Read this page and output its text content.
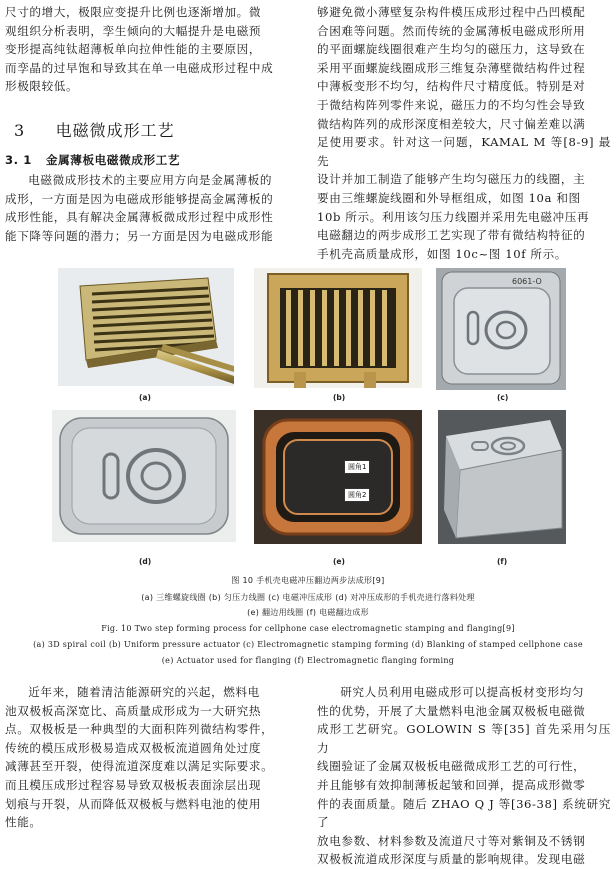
尺寸的增大，极限应变提升比例也逐渐增加。微

观组织分析表明，孪生倾向的大幅提升是电磁预

变形提高纯钛超薄板单向拉伸性能的主要原因，

而孪晶的过早饱和导致其在单一电磁成形过程中成

形极限较低。

3 电磁微成形工艺
3. 1 金属薄板电磁微成形工艺

电磁微成形技术的主要应用方向是金属薄板的

成形，一方面是因为电磁成形能够提高金属薄板的

成形性能，具有解决金属薄板微成形过程中成形性

能下降等问题的潜力；另一方面是因为电磁成形能

够避免微小薄壁复杂构件模压成形过程中凸凹模配

合困难等问题。然而传统的金属薄板电磁成形所用

的平面螺旋线圈很难产生均匀的磁压力，这导致在

采用平面螺旋线圈成形三维复杂薄壁微结构件过程

中薄板变形不均匀，结构件尺寸精度低。特别是对

于微结构阵列零件来说，磁压力的不均匀性会导致

微结构阵列的成形深度相差较大，尺寸偏差难以满

足使用要求。针对这一问题，KAMAL M 等[8-9] 最先

设计并加工制造了能够产生均匀磁压力的线圈，主

要由三维螺旋线圈和外导框组成，如图 10a 和图

10b 所示。利用该匀压力线圈并采用先电磁冲压再

电磁翻边的两步成形工艺实现了带有微结构特征的

手机壳高质量成形，如图 10c~图 10f 所示。

(a)	(b)
6061-O
(c)
(d)
圆角1
圆角2
(e)	(f)
图 10 手机壳电磁冲压翻边两步法成形[9]
(a) 三维螺旋线圈 (b) 匀压力线圈 (c) 电磁冲压成形 (d) 对冲压成形的手机壳进行落料处理
(e) 翻边用线圈 (f) 电磁翻边成形
Fig. 10 Two step forming process for cellphone case electromagnetic stamping and flanging[9]
(a) 3D spiral coil (b) Uniform pressure actuator (c) Electromagnetic stamping forming (d) Blanking of stamped cellphone case
(e) Actuator used for flanging (f) Electromagnetic flanging forming

近年来，随着清洁能源研究的兴起，燃料电

池双极板高深宽比、高质量成形成为一大研究热

点。双极板是一种典型的大面积阵列微结构零件，

传统的模压成形极易造成双极板流道圆角处过度

减薄甚至开裂，使得流道深度难以满足实际要求。

而且模压成形过程容易导致双极板表面涂层出现

划痕与开裂，从而降低双极板与燃料电池的使用

性能。

研究人员利用电磁成形可以提高板材变形均匀

性的优势，开展了大量燃料电池金属双极板电磁微

成形工艺研究。GOLOWIN S 等[35] 首先采用匀压力

线圈验证了金属双极板电磁微成形工艺的可行性，

并且能够有效抑制薄板起皱和回弹，提高成形微零

件的表面质量。随后 ZHAO Q J 等[36-38] 系统研究了

放电参数、材料参数及流道尺寸等对紫铜及不锈钢

双极板流道成形深度与质量的影响规律。发现电磁
